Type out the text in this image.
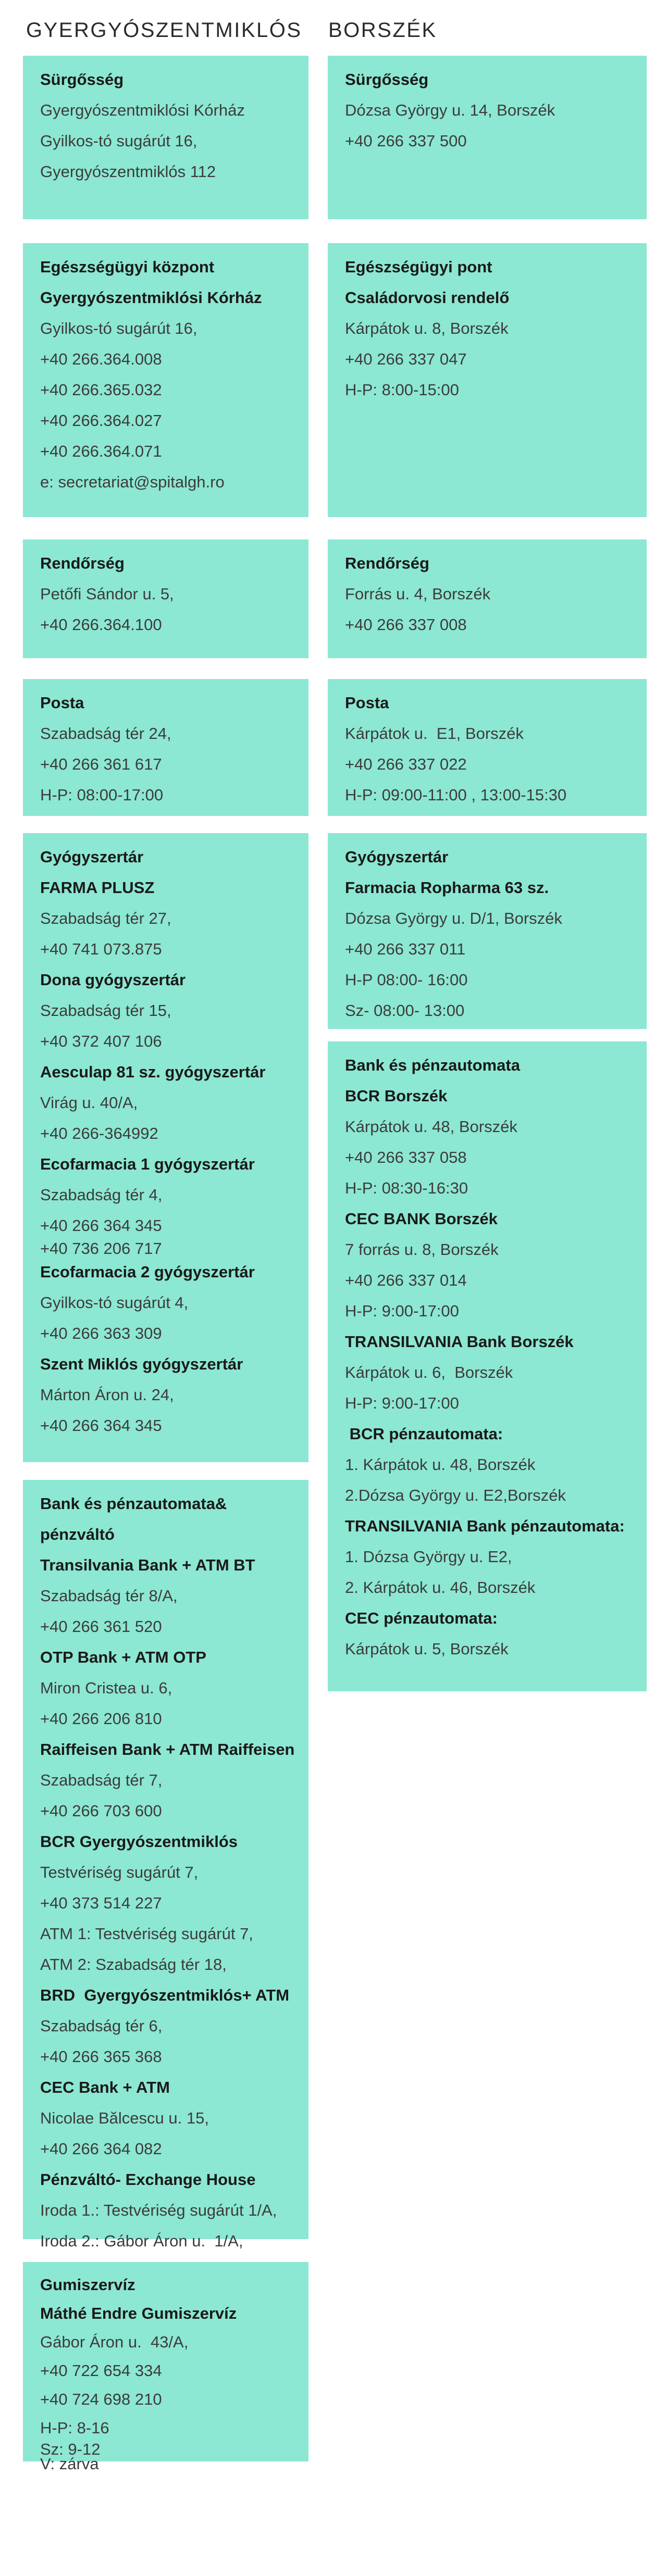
GYERGYÓSZENTMIKLÓS BORSZÉK

Sürgősség

Gyergyószentmiklósi Kórház

Gyilkos-tó sugárút 16,

Gyergyószentmiklós 112

Egészségügyi központ

Gyergyószentmiklósi Kórház

Gyilkos-tó sugárút 16,

+40 266.364.008

+40 266.365.032

+40 266.364.027

+40 266.364.071

e: secretariat@spitalgh.ro

Rendőrség

Petőfi Sándor u. 5,

+40 266.364.100

Posta

Szabadság tér 24,

+40 266 361 617

H-P: 08:00-17:00

Gyógyszertár

FARMA PLUSZ

Szabadság tér 27,

+40 741 073.875

Dona gyógyszertár

Szabadság tér 15,

+40 372 407 106

Aesculap 81 sz. gyógyszertár

Virág u. 40/A,

+40 266-364992

Ecofarmacia 1 gyógyszertár

Szabadság tér 4,

+40 266 364 345

+40 736 206 717

Ecofarmacia 2 gyógyszertár

Gyilkos-tó sugárút 4,

+40 266 363 309

Szent Miklós gyógyszertár

Márton Áron u. 24,

+40 266 364 345

Bank és pénzautomata& pénzváltó

Transilvania Bank + ATM BT

Szabadság tér 8/A,

+40 266 361 520

OTP Bank + ATM OTP

Miron Cristea u. 6,

+40 266 206 810

Raiffeisen Bank + ATM Raiffeisen

Szabadság tér 7,

+40 266 703 600

BCR Gyergyószentmiklós

Testvériség sugárút 7,

+40 373 514 227

ATM 1: Testvériség sugárút 7,

ATM 2: Szabadság tér 18,

BRD  Gyergyószentmiklós+ ATM

Szabadság tér 6,

+40 266 365 368

CEC Bank + ATM

Nicolae Bălcescu u. 15,

+40 266 364 082

Pénzváltó- Exchange House

Iroda 1.: Testvériség sugárút 1/A,

Iroda 2.: Gábor Áron u.  1/A,

Gumiszervíz

Máthé Endre Gumiszervíz

Gábor Áron u.  43/A,

+40 722 654 334

+40 724 698 210

H-P: 8-16

Sz: 9-12

V: zárva

Sürgősség

Dózsa György u. 14, Borszék

+40 266 337 500

Egészségügyi pont

Családorvosi rendelő

Kárpátok u. 8, Borszék

+40 266 337 047

H-P: 8:00-15:00

Rendőrség

Forrás u. 4, Borszék

+40 266 337 008

Posta

Kárpátok u.  E1, Borszék

+40 266 337 022

H-P: 09:00-11:00 , 13:00-15:30

Gyógyszertár

Farmacia Ropharma 63 sz.

Dózsa György u. D/1, Borszék

+40 266 337 011

H-P 08:00- 16:00

Sz- 08:00- 13:00

Bank és pénzautomata

BCR Borszék

Kárpátok u. 48, Borszék

+40 266 337 058

H-P: 08:30-16:30

CEC BANK Borszék

7 forrás u. 8, Borszék

+40 266 337 014

H-P: 9:00-17:00

TRANSILVANIA Bank Borszék

Kárpátok u. 6,  Borszék

H-P: 9:00-17:00

BCR pénzautomata:

1. Kárpátok u. 48, Borszék

2.Dózsa György u. E2,Borszék

TRANSILVANIA Bank pénzautomata:

1. Dózsa György u. E2,

2. Kárpátok u. 46, Borszék

CEC pénzautomata:

Kárpátok u. 5, Borszék
